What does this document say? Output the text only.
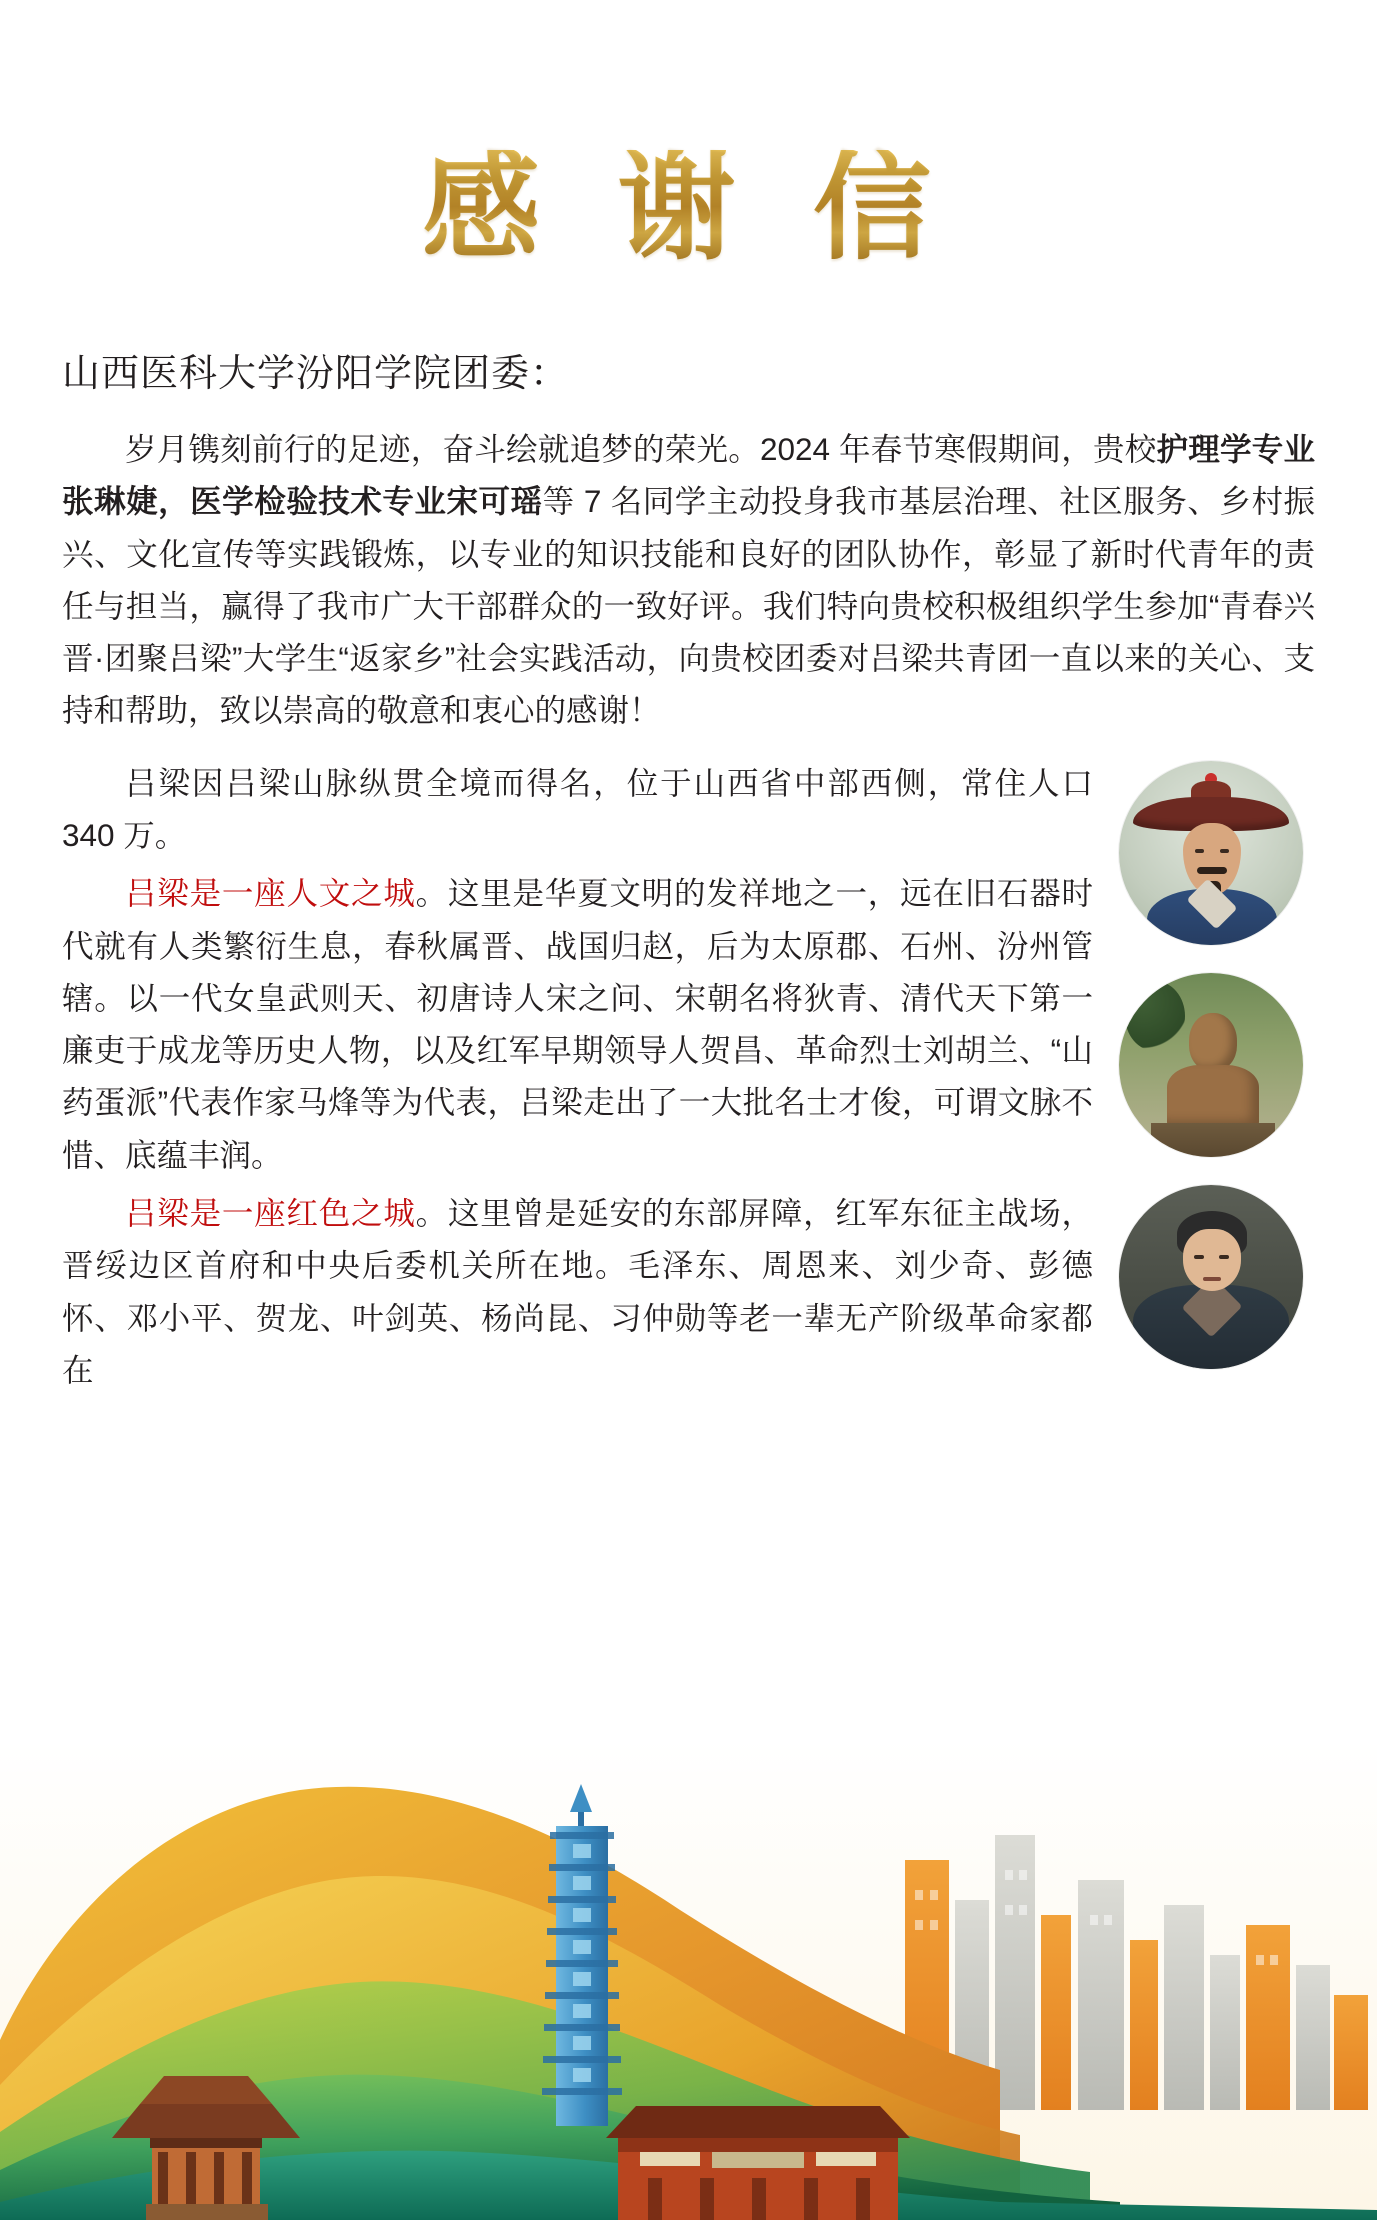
感 谢 信
山西医科大学汾阳学院团委：

岁月镌刻前行的足迹，奋斗绘就追梦的荣光。2024 年春节寒假期间，贵校护理学专业张琳婕，医学检验技术专业宋可瑶等 7 名同学主动投身我市基层治理、社区服务、乡村振兴、文化宣传等实践锻炼，以专业的知识技能和良好的团队协作，彰显了新时代青年的责任与担当，赢得了我市广大干部群众的一致好评。我们特向贵校积极组织学生参加“青春兴晋·团聚吕梁”大学生“返家乡”社会实践活动，向贵校团委对吕梁共青团一直以来的关心、支持和帮助，致以崇高的敬意和衷心的感谢！

吕梁因吕梁山脉纵贯全境而得名，位于山西省中部西侧，常住人口 340 万。

吕梁是一座人文之城。这里是华夏文明的发祥地之一，远在旧石器时代就有人类繁衍生息，春秋属晋、战国归赵，后为太原郡、石州、汾州管辖。以一代女皇武则天、初唐诗人宋之问、宋朝名将狄青、清代天下第一廉吏于成龙等历史人物，以及红军早期领导人贺昌、革命烈士刘胡兰、“山药蛋派”代表作家马烽等为代表，吕梁走出了一大批名士才俊，可谓文脉不惜、底蕴丰润。

吕梁是一座红色之城。这里曾是延安的东部屏障，红军东征主战场，晋绥边区首府和中央后委机关所在地。毛泽东、周恩来、刘少奇、彭德怀、邓小平、贺龙、叶剑英、杨尚昆、习仲勋等老一辈无产阶级革命家都在
